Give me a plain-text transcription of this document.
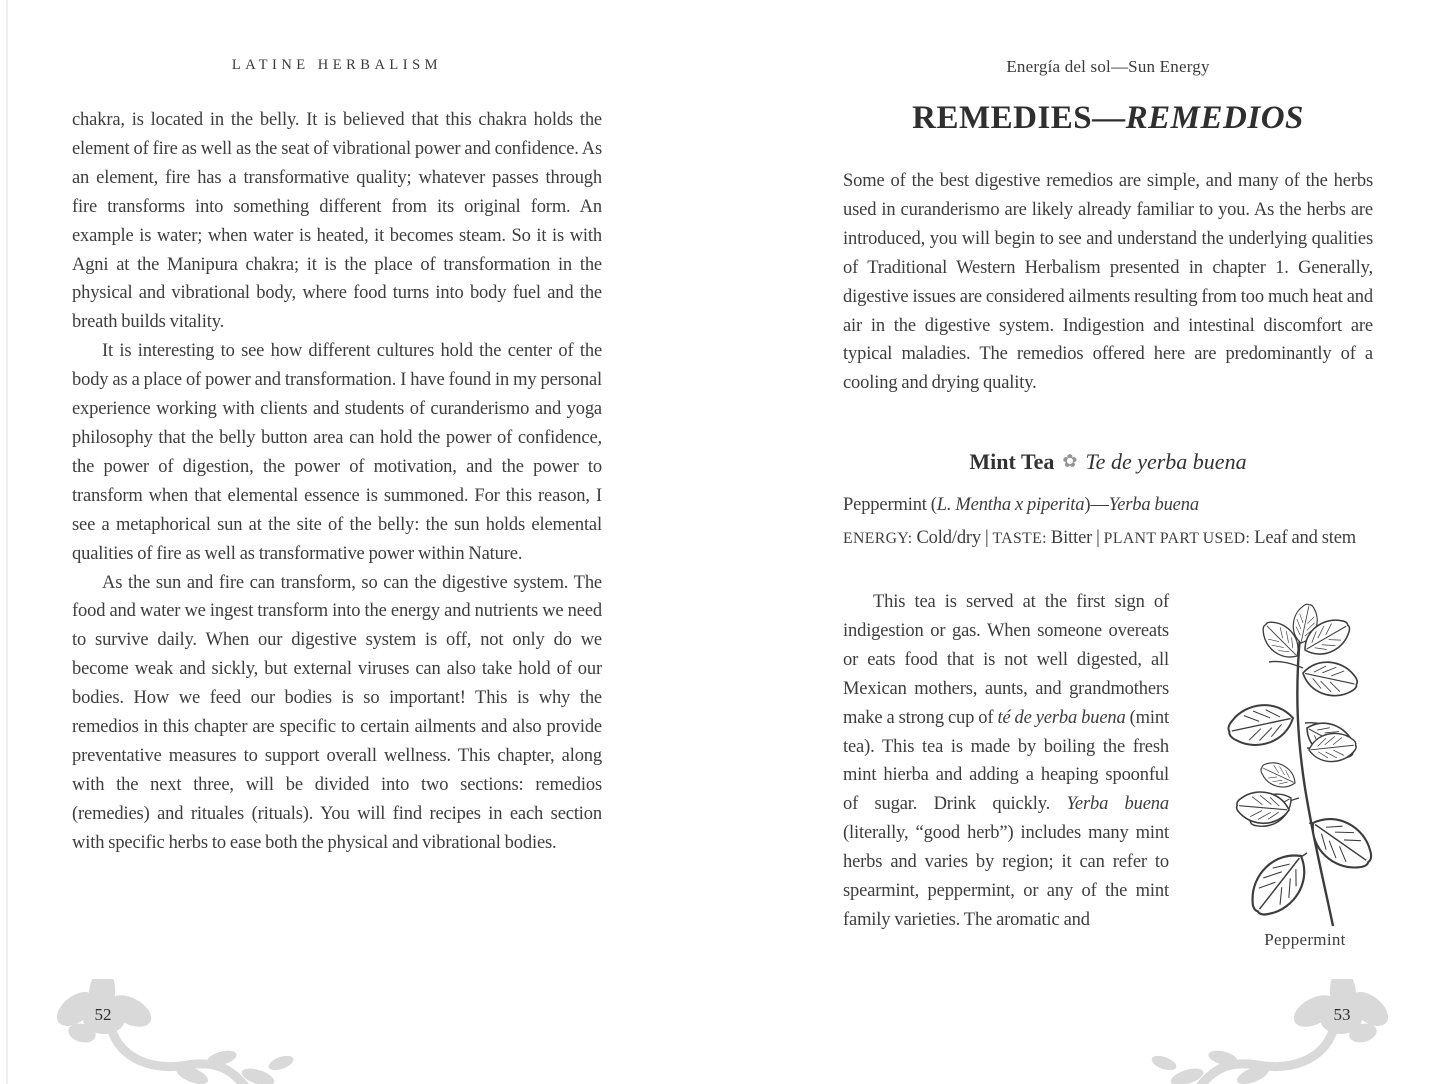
LATINE HERBALISM

chakra, is located in the belly. It is believed that this chakra holds the element of fire as well as the seat of vibrational power and confidence. As an element, fire has a transformative quality; whatever passes through fire transforms into something different from its original form. An example is water; when water is heated, it becomes steam. So it is with Agni at the Manipura chakra; it is the place of transformation in the physical and vibrational body, where food turns into body fuel and the breath builds vitality.

It is interesting to see how different cultures hold the center of the body as a place of power and transformation. I have found in my personal experience working with clients and students of curanderismo and yoga philosophy that the belly button area can hold the power of confidence, the power of digestion, the power of motivation, and the power to transform when that elemental essence is summoned. For this reason, I see a metaphorical sun at the site of the belly: the sun holds elemental qualities of fire as well as transformative power within Nature.

As the sun and fire can transform, so can the digestive system. The food and water we ingest transform into the energy and nutrients we need to survive daily. When our digestive system is off, not only do we become weak and sickly, but external viruses can also take hold of our bodies. How we feed our bodies is so important! This is why the remedios in this chapter are specific to certain ailments and also provide preventative measures to support overall wellness. This chapter, along with the next three, will be divided into two sections: remedios (remedies) and rituales (rituals). You will find recipes in each section with specific herbs to ease both the physical and vibrational bodies.

52
Energía del sol—Sun Energy
REMEDIES—REMEDIOS

Some of the best digestive remedios are simple, and many of the herbs used in curanderismo are likely already familiar to you. As the herbs are introduced, you will begin to see and understand the underlying qualities of Traditional Western Herbalism presented in chapter 1. Generally, digestive issues are considered ailments resulting from too much heat and air in the digestive system. Indigestion and intestinal discomfort are typical maladies. The remedios offered here are predominantly of a cooling and drying quality.

Mint Tea ✿ Te de yerba buena

Peppermint (L. Mentha x piperita)—Yerba buena

ENERGY: Cold/dry | TASTE: Bitter | PLANT PART USED: Leaf and stem

This tea is served at the first sign of indigestion or gas. When someone overeats or eats food that is not well digested, all Mexican mothers, aunts, and grandmothers make a strong cup of té de yerba buena (mint tea). This tea is made by boiling the fresh mint hierba and adding a heaping spoonful of sugar. Drink quickly. Yerba buena (literally, “good herb”) includes many mint herbs and varies by region; it can refer to spearmint, peppermint, or any of the mint family varieties. The aromatic and

Peppermint
53
